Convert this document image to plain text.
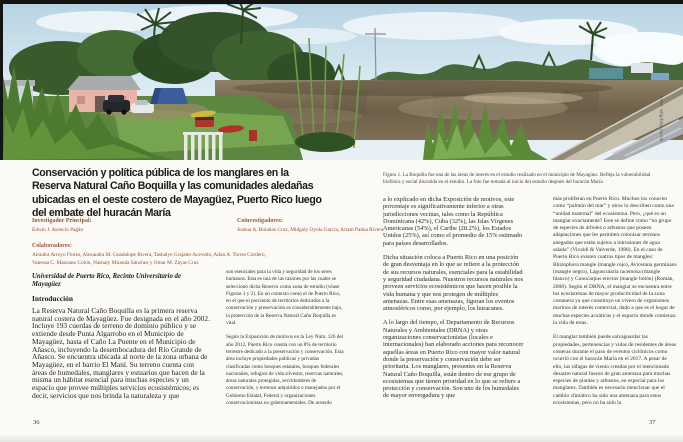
Foto: Migdaly Oyola
Conservación y política pública de los manglares en la
Reserva Natural Caño Boquilla y las comunidades aledañas
ubicadas en el oeste costero de Mayagüez, Puerto Rico luego
del embate del huracán María
Investigador Principal:
Edwin J. Asencio Pagán
Coinvestigadores:
Joshua A. Bolaños Cruz, Midgaly Oyola García, Ariam Padua Rivera
Colaboradores:
Alondra Arroyo Flores, Alexandra M. Guadalupe Rivera, Tashalye Grajales Acevedo, Allan A. Torres Cordero,
Vanessa C. Manzano Colón, Nashaly Miranda Sánchez y Omar M. Zayas Cruz
Universidad de Puerto Rico, Recinto Universitario de Mayagüez
Introducción

La Reserva Natural Caño Boquilla es la primera reserva natural costera de Mayagüez. Fue designada en el año 2002. Incluye 193 cuerdas de terreno de dominio público y se extiende desde Punta Algarrobo en el Municipio de Mayagüez, hasta el Caño La Puente en el Municipio de Añasco, incluyendo la desembocadura del Río Grande de Añasco. Se encuentra ubicada al norte de la zona urbana de Mayagüez, en el barrio El Maní. Su terreno cuenta con áreas de humedales, manglares y estuarios que hacen de la misma un hábitat esencial para muchas especies y un espacio que provee múltiples servicios ecosistémicos; es decir, servicios que nos brinda la naturaleza y que

son esenciales para la vida y seguridad de los seres humanos. Esta es una de las razones por las cuales se seleccionó dicha Reserva como zona de estudio (véase Figuras 1 y 2). En un contexto como el de Puerto Rico, en el que el porciento de territorios dedicados a la conservación y preservación es considerablemente bajo, la protección de la Reserva Natural Caño Boquilla es vital.

Según la Exposición de motivos en la Ley Núm. 126 del año 2012, Puerto Rico cuenta con un 8% de territorio terrestre dedicado a la preservación y conservación. Esta área incluye propiedades públicas y privadas clasificadas como bosques estatales, bosques federales nacionales, refugios de vida silvestre, reservas naturales, áreas naturales protegidas, servidumbres de conservación, y terrenos adquiridos o manejados por el Gobierno Estatal, Federal y organizaciones conservacionistas no gubernamentales. De acuerdo

36
Figura 1. La Boquilla fue una de las áreas de interés en el estudio realizado en el municipio de Mayagüez. Refleja la vulnerabilidad biofísica y social discutida en el estudio. La foto fue tomada al inicio del estudio después del huracán María.

a lo explicado en dicha Exposición de motivos, este porcentaje es significativamente inferior a otras jurisdicciones vecinas, tales como la República Dominicana (42%), Cuba (32%), las Islas Vírgenes Americanas (54%), el Caribe (28.2%), los Estados Unidos (25%), así como el promedio de 15% estimado para países desarrollados.

Dicha situación coloca a Puerto Rico en una posición de gran desventaja en lo que se refiere a la protección de sus recursos naturales, esenciales para la estabilidad y seguridad ciudadana. Nuestros recursos naturales nos proveen servicios ecosistémicos que hacen posible la vida humana y que nos protegen de múltiples amenazas. Entre esas amenazas, figuran los eventos atmosféricos como, por ejemplo, los huracanes.

A lo largo del tiempo, el Departamento de Recursos Naturales y Ambientales (DRNA) y otras organizaciones conservacionistas (locales e internacionales) han elaborado acciones para reconocer aquellas áreas en Puerto Rico con mayor valor natural donde la preservación y conservación debe ser prioritaria. Los manglares, presentes en la Reserva Natural Caño Boquilla, están dentro de ese grupo de ecosistemas que tienen prioridad en lo que se refiere a protección y conservación. Son uno de los humedales de mayor envergadura y que

más proliferan en Puerto Rico. Muchos los conocen como “pulmón del mar” y otros lo describen como una “unidad maternal” del ecosistema. Pero, ¿qué es un manglar exactamente? Este se define como “un grupo de especies de árboles o arbustos que poseen adaptaciones que les permiten colonizar terrenos anegados que están sujetos a intrusiones de agua salada” (Vivaldi & Valverde, 1988). En el caso de Puerto Rico existen cuatros tipos de mangles: Rhizophora mangle (mangle rojo), Avicennia germinans (mangle negro), Laguncularia racemosa (mangle blanco) y Conocarpus erectus (mangle botón) (Román, 2008). Según el DRNA, el manglar se encuentra entre los ecosistemas de mayor productividad de la zona costanera ya que constituye un vivero de organismos marinos de interés comercial, dado a que es el hogar de muchas especies acuáticas y el espacio donde comienza la vida de estas.

El manglar también puede salvaguardar las propiedades, pertenencias y vidas de residentes de áreas costeras durante el paso de eventos ciclónicos como ocurrió con el huracán María en el 2017. A pesar de ello, las ráfagas de viento creadas por el mencionado desastre natural fueron de gran amenaza para muchas especies de plantas y arbustos, en especial para los manglares. También es necesario mencionar que el cambio climático ha sido una amenaza para estos ecosistemas, pero no ha sido la

37
